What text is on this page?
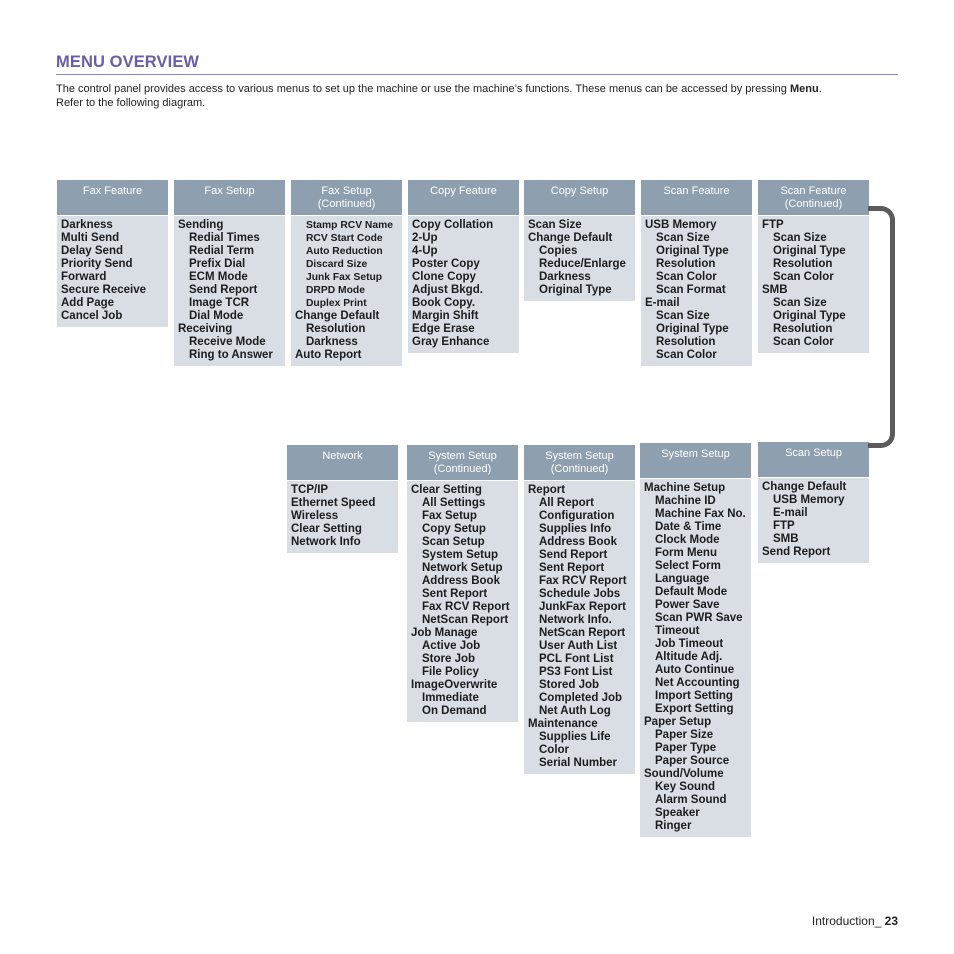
MENU OVERVIEW
The control panel provides access to various menus to set up the machine or use the machine’s functions. These menus can be accessed by pressing Menu.
Refer to the following diagram.
Fax Feature
Darkness
Multi Send
Delay Send
Priority Send
Forward
Secure Receive
Add Page
Cancel Job
Fax Setup
Sending
Redial Times
Redial Term
Prefix Dial
ECM Mode
Send Report
Image TCR
Dial Mode
Receiving
Receive Mode
Ring to Answer
Fax Setup
(Continued)
Stamp RCV Name
RCV Start Code
Auto Reduction
Discard Size
Junk Fax Setup
DRPD Mode
Duplex Print
Change Default
Resolution
Darkness
Auto Report
Copy Feature
Copy Collation
2-Up
4-Up
Poster Copy
Clone Copy
Adjust Bkgd.
Book Copy.
Margin Shift
Edge Erase
Gray Enhance
Copy Setup
Scan Size
Change Default
Copies
Reduce/Enlarge
Darkness
Original Type
Scan Feature
USB Memory
Scan Size
Original Type
Resolution
Scan Color
Scan Format
E-mail
Scan Size
Original Type
Resolution
Scan Color
Scan Feature
(Continued)
FTP
Scan Size
Original Type
Resolution
Scan Color
SMB
Scan Size
Original Type
Resolution
Scan Color
Network
TCP/IP
Ethernet Speed
Wireless
Clear Setting
Network Info
System Setup
(Continued)
Clear Setting
All Settings
Fax Setup
Copy Setup
Scan Setup
System Setup
Network Setup
Address Book
Sent Report
Fax RCV Report
NetScan Report
Job Manage
Active Job
Store Job
File Policy
ImageOverwrite
Immediate
On Demand
System Setup
(Continued)
Report
All Report
Configuration
Supplies Info
Address Book
Send Report
Sent Report
Fax RCV Report
Schedule Jobs
JunkFax Report
Network Info.
NetScan Report
User Auth List
PCL Font List
PS3 Font List
Stored Job
Completed Job
Net Auth Log
Maintenance
Supplies Life
Color
Serial Number
System Setup
Machine Setup
Machine ID
Machine Fax No.
Date & Time
Clock Mode
Form Menu
Select Form
Language
Default Mode
Power Save
Scan PWR Save
Timeout
Job Timeout
Altitude Adj.
Auto Continue
Net Accounting
Import Setting
Export Setting
Paper Setup
Paper Size
Paper Type
Paper Source
Sound/Volume
Key Sound
Alarm Sound
Speaker
Ringer
Scan Setup
Change Default
USB Memory
E-mail
FTP
SMB
Send Report
Introduction_ 23
